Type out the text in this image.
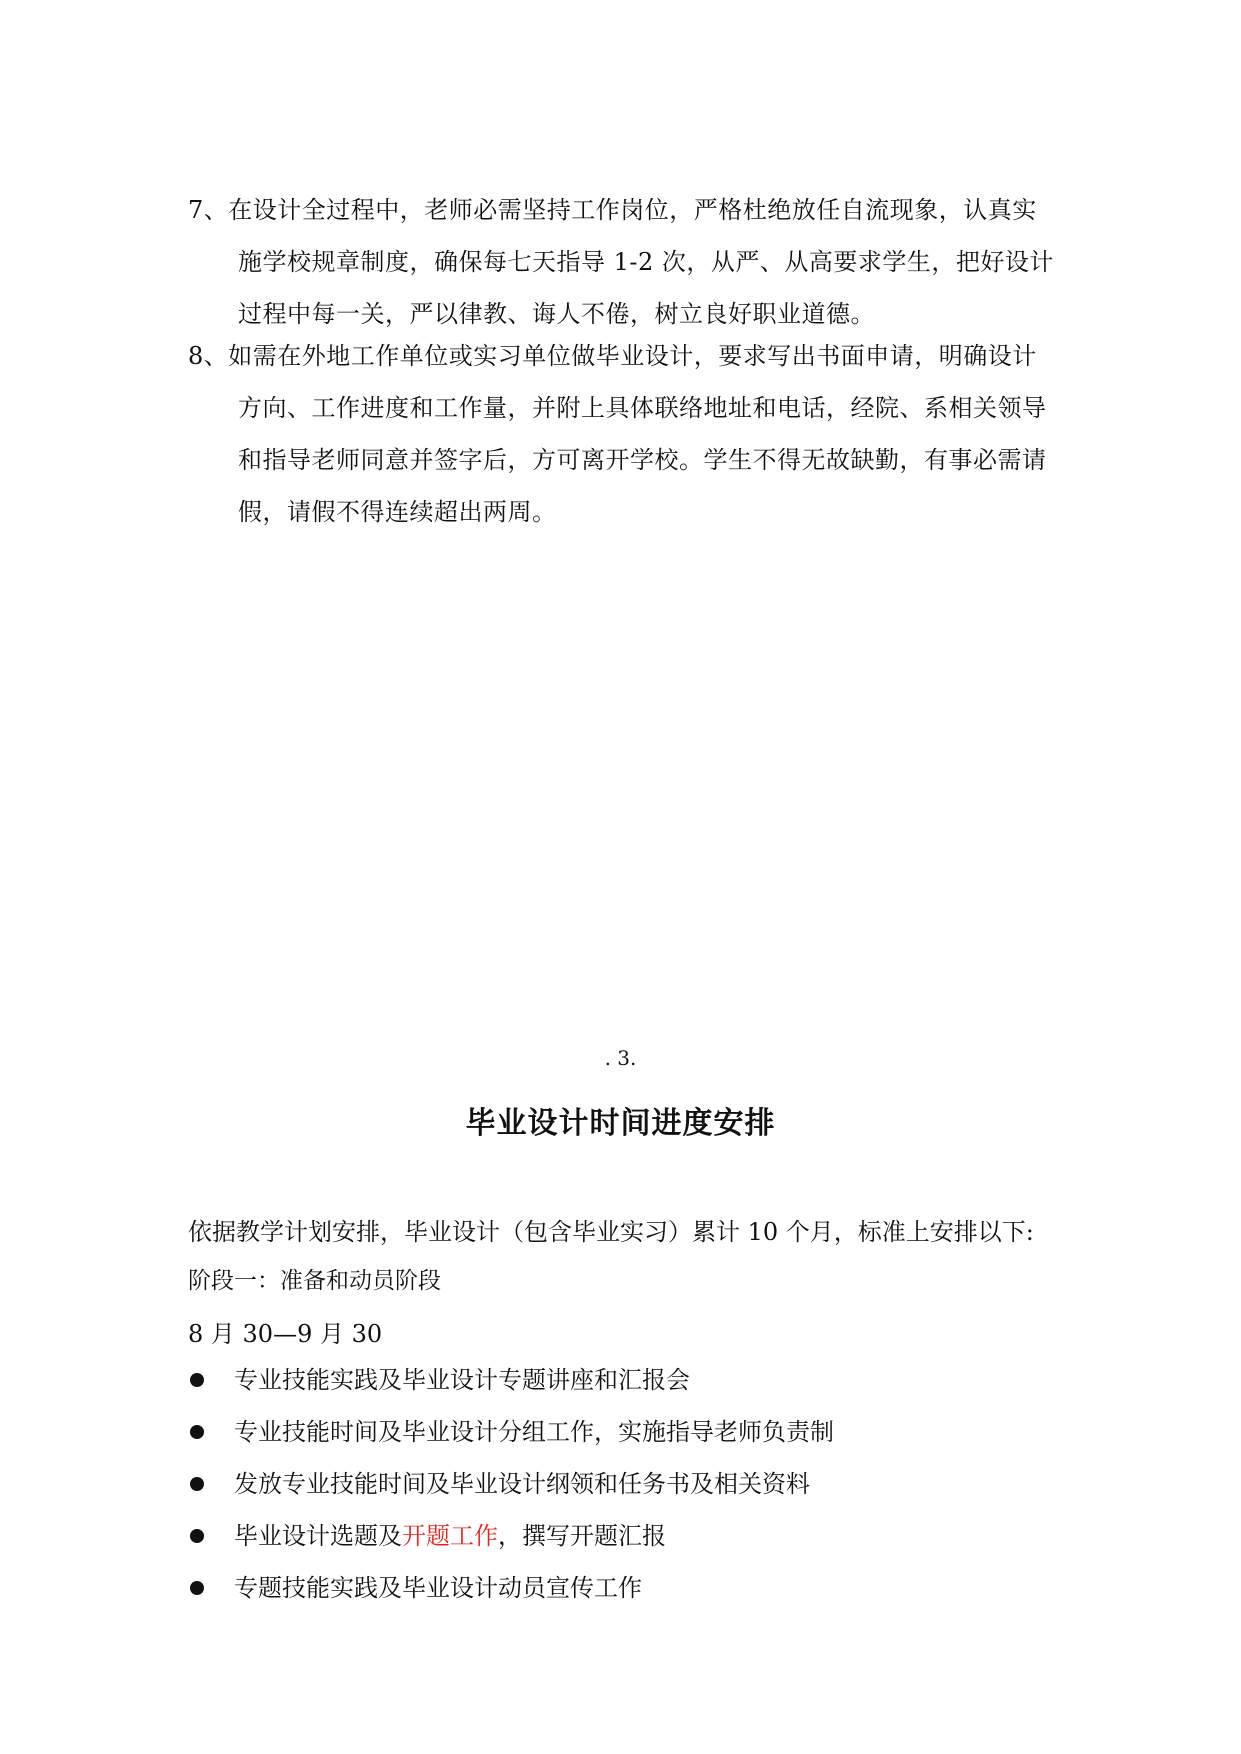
7、在设计全过程中，老师必需坚持工作岗位，严格杜绝放任自流现象，认真实
施学校规章制度，确保每七天指导 1-2 次，从严、从高要求学生，把好设计
过程中每一关，严以律教、诲人不倦，树立良好职业道德。
8、如需在外地工作单位或实习单位做毕业设计，要求写出书面申请，明确设计
方向、工作进度和工作量，并附上具体联络地址和电话，经院、系相关领导
和指导老师同意并签字后，方可离开学校。学生不得无故缺勤，有事必需请
假，请假不得连续超出两周。
. 3.
毕业设计时间进度安排
依据教学计划安排，毕业设计（包含毕业实习）累计 10 个月，标准上安排以下:
阶段一：准备和动员阶段
8 月 30—9 月 30
专业技能实践及毕业设计专题讲座和汇报会
专业技能时间及毕业设计分组工作，实施指导老师负责制
发放专业技能时间及毕业设计纲领和任务书及相关资料
毕业设计选题及开题工作，撰写开题汇报
专题技能实践及毕业设计动员宣传工作
